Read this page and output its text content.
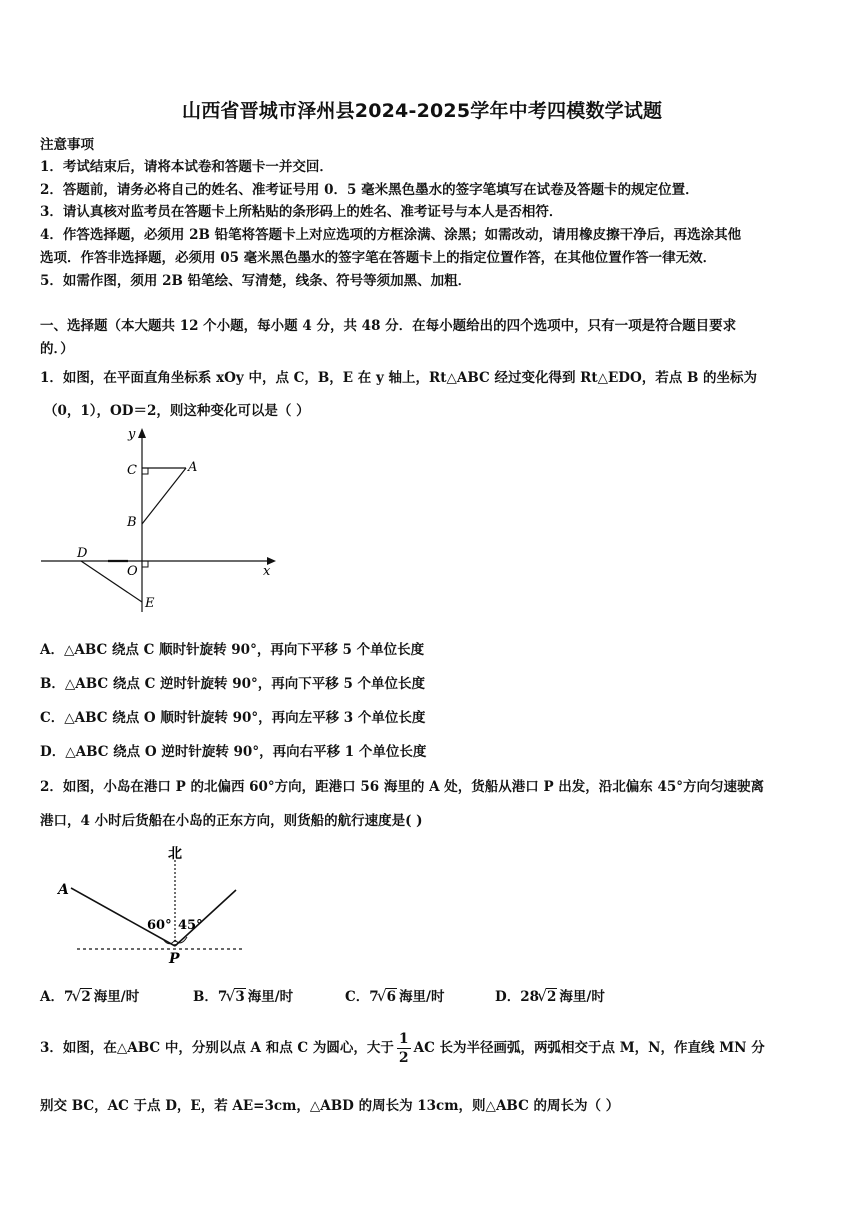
山西省晋城市泽州县2024-2025学年中考四模数学试题
注意事项
1．考试结束后，请将本试卷和答题卡一并交回．
2．答题前，请务必将自己的姓名、准考证号用 0．5 毫米黑色墨水的签字笔填写在试卷及答题卡的规定位置．
3．请认真核对监考员在答题卡上所粘贴的条形码上的姓名、准考证号与本人是否相符．
4．作答选择题，必须用 2B 铅笔将答题卡上对应选项的方框涂满、涂黑；如需改动，请用橡皮擦干净后，再选涂其他
选项．作答非选择题，必须用 05 毫米黑色墨水的签字笔在答题卡上的指定位置作答，在其他位置作答一律无效．
5．如需作图，须用 2B 铅笔绘、写清楚，线条、符号等须加黑、加粗．
一、选择题（本大题共 12 个小题，每小题 4 分，共 48 分．在每小题给出的四个选项中，只有一项是符合题目要求
的．）
1．如图，在平面直角坐标系 xOy 中，点 C，B，E 在 y 轴上，Rt△ABC 经过变化得到 Rt△EDO，若点 B 的坐标为
（0，1），OD＝2，则这种变化可以是（ ）
y
x
C	A
B
D
O
E
A．△ABC 绕点 C 顺时针旋转 90°，再向下平移 5 个单位长度
B．△ABC 绕点 C 逆时针旋转 90°，再向下平移 5 个单位长度
C．△ABC 绕点 O 顺时针旋转 90°，再向左平移 3 个单位长度
D．△ABC 绕点 O 逆时针旋转 90°，再向右平移 1 个单位长度
2．如图，小岛在港口 P 的北偏西 60°方向，距港口 56 海里的 A 处，货船从港口 P 出发，沿北偏东 45°方向匀速驶离
港口，4 小时后货船在小岛的正东方向，则货船的航行速度是( )
北
A
P
60° 45°
A．7 √ 2 海里/时	B．7 √ 3 海里/时	C．7 √ 6 海里/时	D．28 √ 2 海里/时
3．如图，在△ABC 中，分别以点 A 和点 C 为圆心，大于 $\frac{1}{2}$ AC 长为半径画弧，两弧相交于点 M，N，作直线 MN 分
别交 BC，AC 于点 D，E，若 AE=3cm，△ABD 的周长为 13cm，则△ABC 的周长为（ ）
